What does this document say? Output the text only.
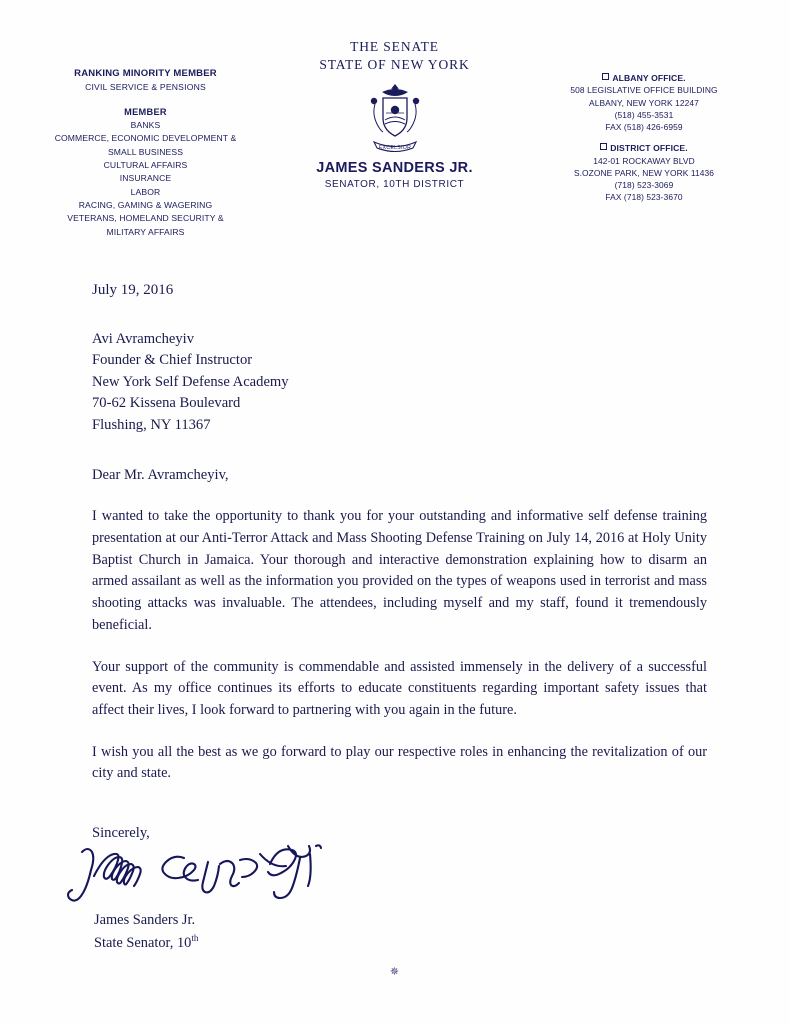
RANKING MINORITY MEMBER
CIVIL SERVICE & PENSIONS
MEMBER
BANKS
COMMERCE, ECONOMIC DEVELOPMENT &
SMALL BUSINESS
CULTURAL AFFAIRS
INSURANCE
LABOR
RACING, GAMING & WAGERING
VETERANS, HOMELAND SECURITY &
MILITARY AFFAIRS
THE SENATE
STATE OF NEW YORK
EXCELSIOR
JAMES SANDERS JR.
SENATOR, 10TH DISTRICT
ALBANY OFFICE.
508 LEGISLATIVE OFFICE BUILDING
ALBANY, NEW YORK 12247
(518) 455-3531
FAX (518) 426-6959
DISTRICT OFFICE.
142-01 ROCKAWAY BLVD
S.OZONE PARK, NEW YORK 11436
(718) 523-3069
FAX (718) 523-3670
July 19, 2016
Avi Avramcheyiv
Founder & Chief Instructor
New York Self Defense Academy
70-62 Kissena Boulevard
Flushing, NY 11367
Dear Mr. Avramcheyiv,

I wanted to take the opportunity to thank you for your outstanding and informative self defense training presentation at our Anti-Terror Attack and Mass Shooting Defense Training on July 14, 2016 at Holy Unity Baptist Church in Jamaica. Your thorough and interactive demonstration explaining how to disarm an armed assailant as well as the information you provided on the types of weapons used in terrorist and mass shooting attacks was invaluable. The attendees, including myself and my staff, found it tremendously beneficial.

Your support of the community is commendable and assisted immensely in the delivery of a successful event. As my office continues its efforts to educate constituents regarding important safety issues that affect their lives, I look forward to partnering with you again in the future.

I wish you all the best as we go forward to play our respective roles in enhancing the revitalization of our city and state.

Sincerely,
James Sanders Jr.
State Senator, 10th
✵
